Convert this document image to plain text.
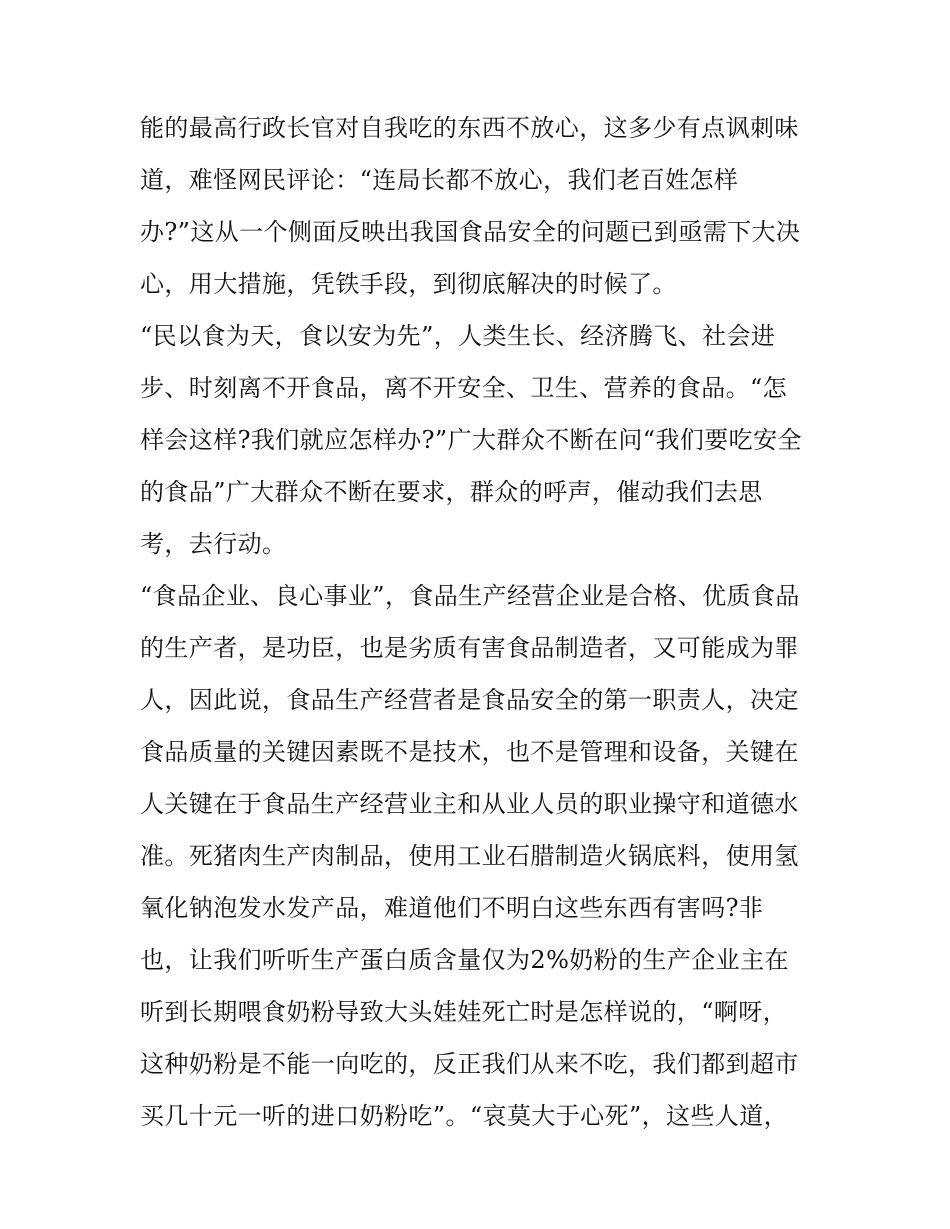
能的最高行政长官对自我吃的东西不放心，这多少有点讽刺味
道，难怪网民评论：“连局长都不放心，我们老百姓怎样
办?”这从一个侧面反映出我国食品安全的问题已到亟需下大决
心，用大措施，凭铁手段，到彻底解决的时候了。
“民以食为天，食以安为先”，人类生长、经济腾飞、社会进
步、时刻离不开食品，离不开安全、卫生、营养的食品。“怎
样会这样?我们就应怎样办?”广大群众不断在问“我们要吃安全
的食品”广大群众不断在要求，群众的呼声，催动我们去思
考，去行动。
“食品企业、良心事业”，食品生产经营企业是合格、优质食品
的生产者，是功臣，也是劣质有害食品制造者，又可能成为罪
人，因此说，食品生产经营者是食品安全的第一职责人，决定
食品质量的关键因素既不是技术，也不是管理和设备，关键在
人关键在于食品生产经营业主和从业人员的职业操守和道德水
准。死猪肉生产肉制品，使用工业石腊制造火锅底料，使用氢
氧化钠泡发水发产品，难道他们不明白这些东西有害吗?非
也，让我们听听生产蛋白质含量仅为2%奶粉的生产企业主在
听到长期喂食奶粉导致大头娃娃死亡时是怎样说的，“啊呀，
这种奶粉是不能一向吃的，反正我们从来不吃，我们都到超市
买几十元一听的进口奶粉吃”。“哀莫大于心死”，这些人道，
